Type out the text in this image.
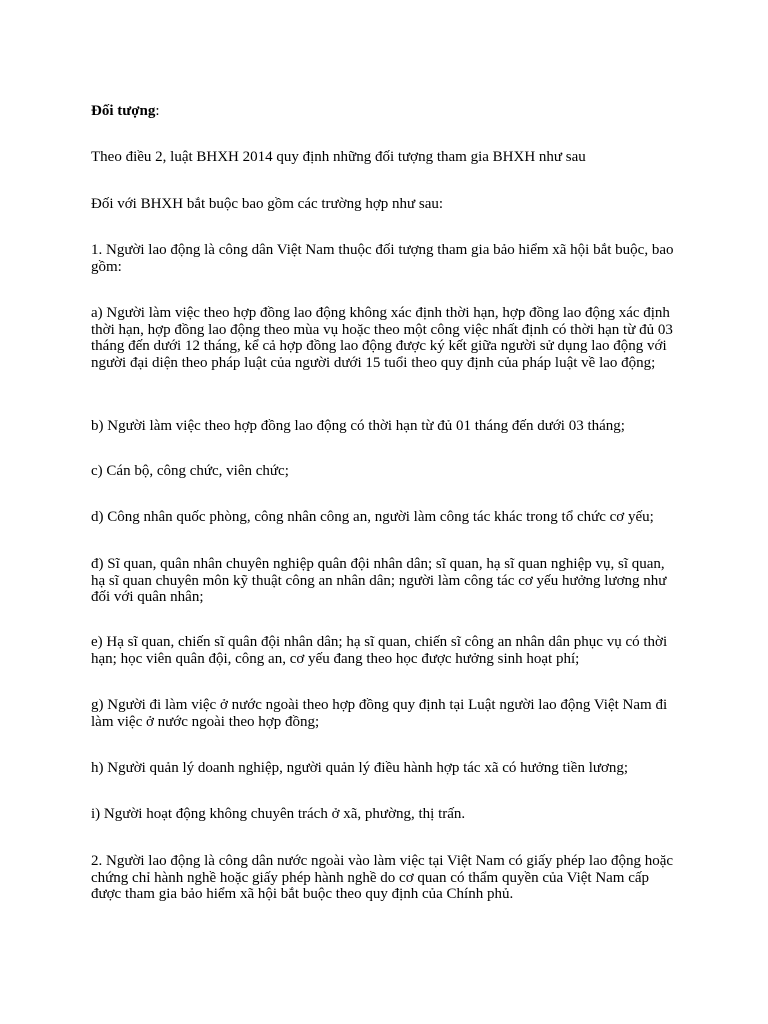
Đối tượng:

Theo điều 2, luật BHXH 2014 quy định những đối tượng tham gia BHXH như sau

Đối với BHXH bắt buộc bao gồm các trường hợp như sau:

1. Người lao động là công dân Việt Nam thuộc đối tượng tham gia bảo hiểm xã hội bắt buộc, bao gồm:

a) Người làm việc theo hợp đồng lao động không xác định thời hạn, hợp đồng lao động xác định thời hạn, hợp đồng lao động theo mùa vụ hoặc theo một công việc nhất định có thời hạn từ đủ 03 tháng đến dưới 12 tháng, kể cả hợp đồng lao động được ký kết giữa người sử dụng lao động với người đại diện theo pháp luật của người dưới 15 tuổi theo quy định của pháp luật về lao động;

b) Người làm việc theo hợp đồng lao động có thời hạn từ đủ 01 tháng đến dưới 03 tháng;

c) Cán bộ, công chức, viên chức;

d) Công nhân quốc phòng, công nhân công an, người làm công tác khác trong tổ chức cơ yếu;

đ) Sĩ quan, quân nhân chuyên nghiệp quân đội nhân dân; sĩ quan, hạ sĩ quan nghiệp vụ, sĩ quan, hạ sĩ quan chuyên môn kỹ thuật công an nhân dân; người làm công tác cơ yếu hưởng lương như đối với quân nhân;

e) Hạ sĩ quan, chiến sĩ quân đội nhân dân; hạ sĩ quan, chiến sĩ công an nhân dân phục vụ có thời hạn; học viên quân đội, công an, cơ yếu đang theo học được hưởng sinh hoạt phí;

g) Người đi làm việc ở nước ngoài theo hợp đồng quy định tại Luật người lao động Việt Nam đi làm việc ở nước ngoài theo hợp đồng;

h) Người quản lý doanh nghiệp, người quản lý điều hành hợp tác xã có hưởng tiền lương;

i) Người hoạt động không chuyên trách ở xã, phường, thị trấn.

2. Người lao động là công dân nước ngoài vào làm việc tại Việt Nam có giấy phép lao động hoặc chứng chỉ hành nghề hoặc giấy phép hành nghề do cơ quan có thẩm quyền của Việt Nam cấp được tham gia bảo hiểm xã hội bắt buộc theo quy định của Chính phủ.
